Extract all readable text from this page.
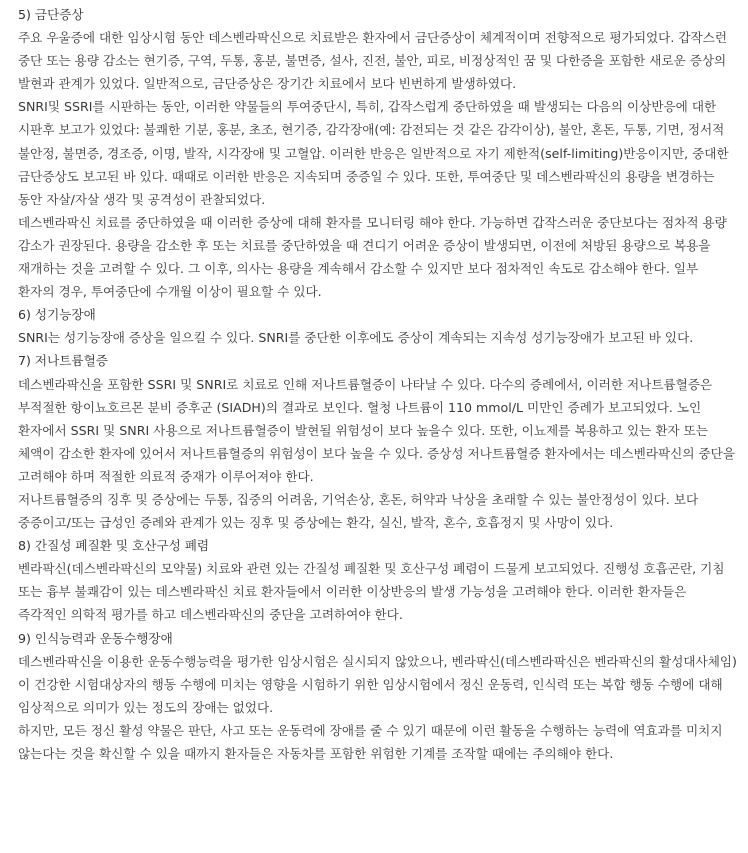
5) 금단증상

주요 우울증에 대한 임상시험 동안 데스벤라팍신으로 치료받은 환자에서 금단증상이 체계적이며 전향적으로 평가되었다. 갑작스런 중단 또는 용량 감소는 현기증, 구역, 두통, 홍분, 불면증, 설사, 진전, 불안, 피로, 비정상적인 꿈 및 다한증을 포함한 새로운 증상의 발현과 관계가 있었다. 일반적으로, 금단증상은 장기간 치료에서 보다 빈번하게 발생하였다.

SNRI및 SSRI를 시판하는 동안, 이러한 약물들의 투여중단시, 특히, 갑작스럽게 중단하였을 때 발생되는 다음의 이상반응에 대한 시판후 보고가 있었다: 불쾌한 기분, 홍분, 초조, 현기증, 감각장애(예: 감전되는 것 같은 감각이상), 불안, 혼돈, 두통, 기면, 정서적 불안정, 불면증, 경조증, 이명, 발작, 시각장애 및 고혈압. 이러한 반응은 일반적으로 자기 제한적(self-limiting)반응이지만, 중대한 금단증상도 보고된 바 있다. 때때로 이러한 반응은 지속되며 중증일 수 있다. 또한, 투여중단 및 데스벤라팍신의 용량을 변경하는 동안 자살/자살 생각 및 공격성이 관찰되었다.

데스벤라팍신 치료를 중단하였을 때 이러한 증상에 대해 환자를 모니터링 해야 한다. 가능하면 갑작스러운 중단보다는 점차적 용량 감소가 권장된다. 용량을 감소한 후 또는 치료를 중단하였을 때 견디기 어려운 증상이 발생되면, 이전에 처방된 용량으로 복용을 재개하는 것을 고려할 수 있다. 그 이후, 의사는 용량을 계속해서 감소할 수 있지만 보다 점차적인 속도로 감소해야 한다. 일부 환자의 경우, 투여중단에 수개월 이상이 필요할 수 있다.

6) 성기능장애

SNRI는 성기능장애 증상을 일으킬 수 있다. SNRI를 중단한 이후에도 증상이 계속되는 지속성 성기능장애가 보고된 바 있다.

7) 저나트륨혈증

데스벤라팍신을 포함한 SSRI 및 SNRI로 치료로 인해 저나트륨혈증이 나타날 수 있다. 다수의 증례에서, 이러한 저나트륨혈증은 부적절한 항이뇨호르몬 분비 증후군 (SIADH)의 결과로 보인다. 혈청 나트륨이 110 mmol/L 미만인 증례가 보고되었다. 노인 환자에서 SSRI 및 SNRI 사용으로 저나트륨혈증이 발현될 위험성이 보다 높을수 있다. 또한, 이뇨제를 복용하고 있는 환자 또는 체액이 감소한 환자에 있어서 저나트륨혈증의 위험성이 보다 높을 수 있다. 증상성 저나트륨혈증 환자에서는 데스벤라팍신의 중단을 고려해야 하며 적절한 의료적 중재가 이루어져야 한다.

저나트륨혈증의 징후 및 증상에는 두통, 집중의 어려움, 기억손상, 혼돈, 허약과 낙상을 초래할 수 있는 불안정성이 있다. 보다 중증이고/또는 급성인 증례와 관계가 있는 징후 및 증상에는 환각, 실신, 발작, 혼수, 호흡정지 및 사망이 있다.

8) 간질성 폐질환 및 호산구성 폐렴

벤라팍신(데스벤라팍신의 모약물) 치료와 관련 있는 간질성 폐질환 및 호산구성 폐렴이 드물게 보고되었다. 진행성 호흡곤란, 기침 또는 흉부 불쾌감이 있는 데스벤라팍신 치료 환자들에서 이러한 이상반응의 발생 가능성을 고려해야 한다. 이러한 환자들은 즉각적인 의학적 평가를 하고 데스벤라팍신의 중단을 고려하여야 한다.

9) 인식능력과 운동수행장애

데스벤라팍신을 이용한 운동수행능력을 평가한 임상시험은 실시되지 않았으나, 벤라팍신(데스벤라팍신은 벤라팍신의 활성대사체임)이 건강한 시험대상자의 행동 수행에 미치는 영향을 시험하기 위한 임상시험에서 정신 운동력, 인식력 또는 복합 행동 수행에 대해 임상적으로 의미가 있는 정도의 장애는 없었다.

하지만, 모든 정신 활성 약물은 판단, 사고 또는 운동력에 장애를 줄 수 있기 때문에 이런 활동을 수행하는 능력에 역효과를 미치지 않는다는 것을 확신할 수 있을 때까지 환자들은 자동차를 포함한 위험한 기계를 조작할 때에는 주의해야 한다.
